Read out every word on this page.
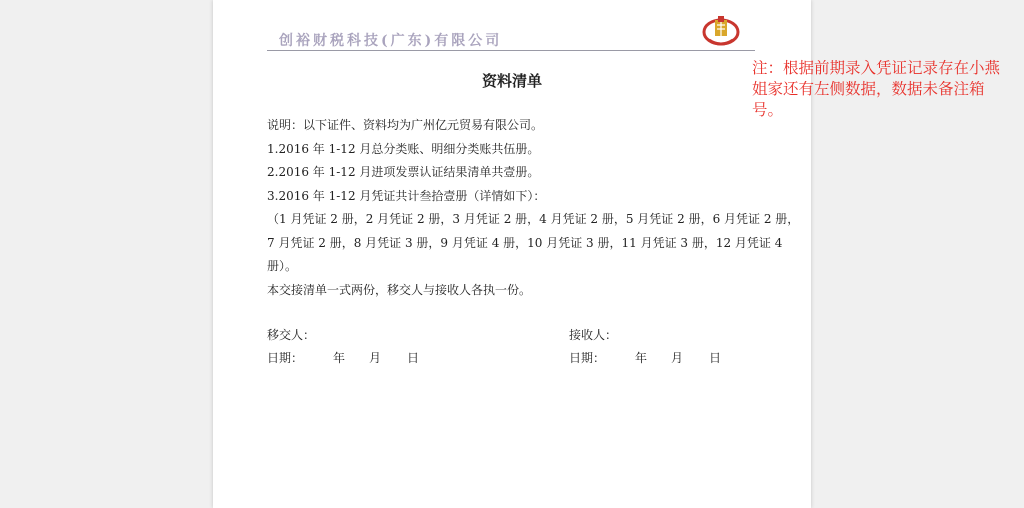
创裕财税科技(广东)有限公司
资料清单
说明：以下证件、资料均为广州亿元贸易有限公司。
1.2016 年 1-12 月总分类账、明细分类账共伍册。
2.2016 年 1-12 月进项发票认证结果清单共壹册。
3.2016 年 1-12 月凭证共计叁拾壹册（详情如下）：
（1 月凭证 2 册，2 月凭证 2 册，3 月凭证 2 册，4 月凭证 2 册，5 月凭证 2 册，6 月凭证 2 册，
7 月凭证 2 册，8 月凭证 3 册，9 月凭证 4 册，10 月凭证 3 册，11 月凭证 3 册，12 月凭证 4
册）。
本交接清单一式两份，移交人与接收人各执一份。
移交人：	接收人：
日期： 年 月 日	日期： 年 月 日
注：根据前期录入凭证记录存在小燕姐家还有左侧数据，数据未备注箱号。
